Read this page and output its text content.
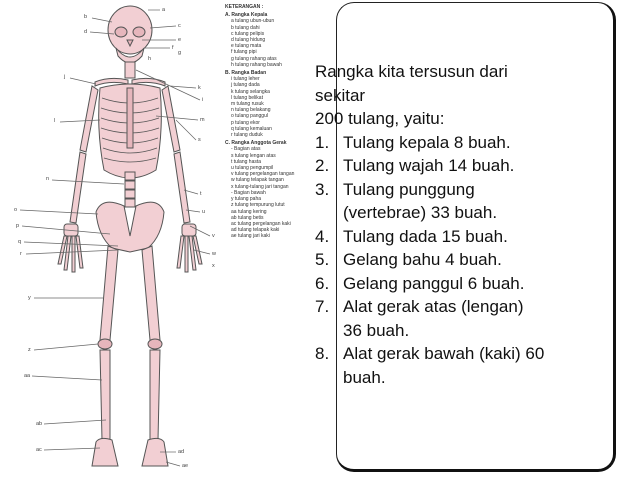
b
d
j
l
n
o
p
q
r
y
z
aa
ab
ac
a
c
e
f
g
h
k
i
m
s
t
u
v
w
x
ad
ae
KETERANGAN :
A. Rangka Kepala
a tulang ubun-ubun
b tulang dahi
c tulang pelipis
d tulang hidung
e tulang mata
f tulang pipi
g tulang rahang atas
h tulang rahang bawah
B. Rangka Badan
i tulang leher
j tulang dada
k tulang selangka
l tulang belikat
m tulang rusuk
n tulang belakang
o tulang panggul
p tulang ekor
q tulang kemaluan
r tulang duduk
C. Rangka Anggota Gerak
- Bagian atas
s tulang lengan atas
t tulang hasta
u tulang pengumpil
v tulang pergelangan tangan
w tulang telapak tangan
x tulang-tulang jari tangan
- Bagian bawah
y tulang paha
z tulang tempurung lutut
aa tulang kering
ab tulang betis
ac tulang pergelangan kaki
ad tulang telapak kaki
ae tulang jari kaki
Rangka kita tersusun dari
sekitar
200 tulang, yaitu:
1. Tulang kepala 8 buah.
2. Tulang wajah 14 buah.
3. Tulang punggung
(vertebrae) 33 buah.
4. Tulang dada 15 buah.
5. Gelang bahu 4 buah.
6. Gelang panggul 6 buah.
7. Alat gerak atas (lengan)
36 buah.
8. Alat gerak bawah (kaki) 60
buah.
